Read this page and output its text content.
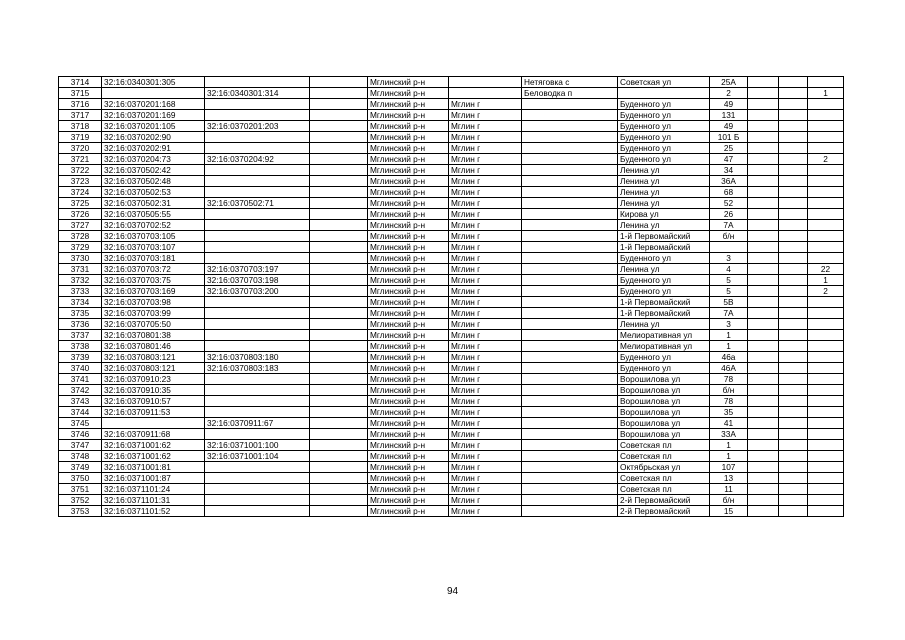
3714	32:16:0340301:305			Мглинский р-н		Нетяговка с	Советская ул	25А			
3715		32:16:0340301:314		Мглинский р-н		Беловодка п		2			1
3716	32:16:0370201:168			Мглинский р-н	Мглин г		Буденного ул	49			
3717	32:16:0370201:169			Мглинский р-н	Мглин г		Буденного ул	131			
3718	32:16:0370201:105	32:16:0370201:203		Мглинский р-н	Мглин г		Буденного ул	49			
3719	32:16:0370202:90			Мглинский р-н	Мглин г		Буденного ул	101 Б			
3720	32:16:0370202:91			Мглинский р-н	Мглин г		Буденного ул	25			
3721	32:16:0370204:73	32:16:0370204:92		Мглинский р-н	Мглин г		Буденного ул	47			2
3722	32:16:0370502:42			Мглинский р-н	Мглин г		Ленина ул	34			
3723	32:16:0370502:48			Мглинский р-н	Мглин г		Ленина ул	36А			
3724	32:16:0370502:53			Мглинский р-н	Мглин г		Ленина ул	68			
3725	32:16:0370502:31	32:16:0370502:71		Мглинский р-н	Мглин г		Ленина ул	52			
3726	32:16:0370505:55			Мглинский р-н	Мглин г		Кирова ул	26			
3727	32:16:0370702:52			Мглинский р-н	Мглин г		Ленина ул	7А			
3728	32:16:0370703:105			Мглинский р-н	Мглин г		1-й Первомайский	б/н			
3729	32:16:0370703:107			Мглинский р-н	Мглин г		1-й Первомайский				
3730	32:16:0370703:181			Мглинский р-н	Мглин г		Буденного ул	3			
3731	32:16:0370703:72	32:16:0370703:197		Мглинский р-н	Мглин г		Ленина ул	4			22
3732	32:16:0370703:75	32:16:0370703:198		Мглинский р-н	Мглин г		Буденного ул	5			1
3733	32:16:0370703:169	32:16:0370703:200		Мглинский р-н	Мглин г		Буденного ул	5			2
3734	32:16:0370703:98			Мглинский р-н	Мглин г		1-й Первомайский	5В			
3735	32:16:0370703:99			Мглинский р-н	Мглин г		1-й Первомайский	7А			
3736	32:16:0370705:50			Мглинский р-н	Мглин г		Ленина ул	3			
3737	32:16:0370801:38			Мглинский р-н	Мглин г		Мелиоративная ул	1			
3738	32:16:0370801:46			Мглинский р-н	Мглин г		Мелиоративная ул	1			
3739	32:16:0370803:121	32:16:0370803:180		Мглинский р-н	Мглин г		Буденного ул	46а			
3740	32:16:0370803:121	32:16:0370803:183		Мглинский р-н	Мглин г		Буденного ул	46А			
3741	32:16:0370910:23			Мглинский р-н	Мглин г		Ворошилова ул	78			
3742	32:16:0370910:35			Мглинский р-н	Мглин г		Ворошилова ул	б/н			
3743	32:16:0370910:57			Мглинский р-н	Мглин г		Ворошилова ул	78			
3744	32:16:0370911:53			Мглинский р-н	Мглин г		Ворошилова ул	35			
3745		32:16:0370911:67		Мглинский р-н	Мглин г		Ворошилова ул	41			
3746	32:16:0370911:68			Мглинский р-н	Мглин г		Ворошилова ул	33А			
3747	32:16:0371001:62	32:16:0371001:100		Мглинский р-н	Мглин г		Советская пл	1			
3748	32:16:0371001:62	32:16:0371001:104		Мглинский р-н	Мглин г		Советская пл	1			
3749	32:16:0371001:81			Мглинский р-н	Мглин г		Октябрьская ул	107			
3750	32:16:0371001:87			Мглинский р-н	Мглин г		Советская пл	13			
3751	32:16:0371101:24			Мглинский р-н	Мглин г		Советская пл	11			
3752	32:16:0371101:31			Мглинский р-н	Мглин г		2-й Первомайский	б/н			
3753	32:16:0371101:52			Мглинский р-н	Мглин г		2-й Первомайский	15			
94
